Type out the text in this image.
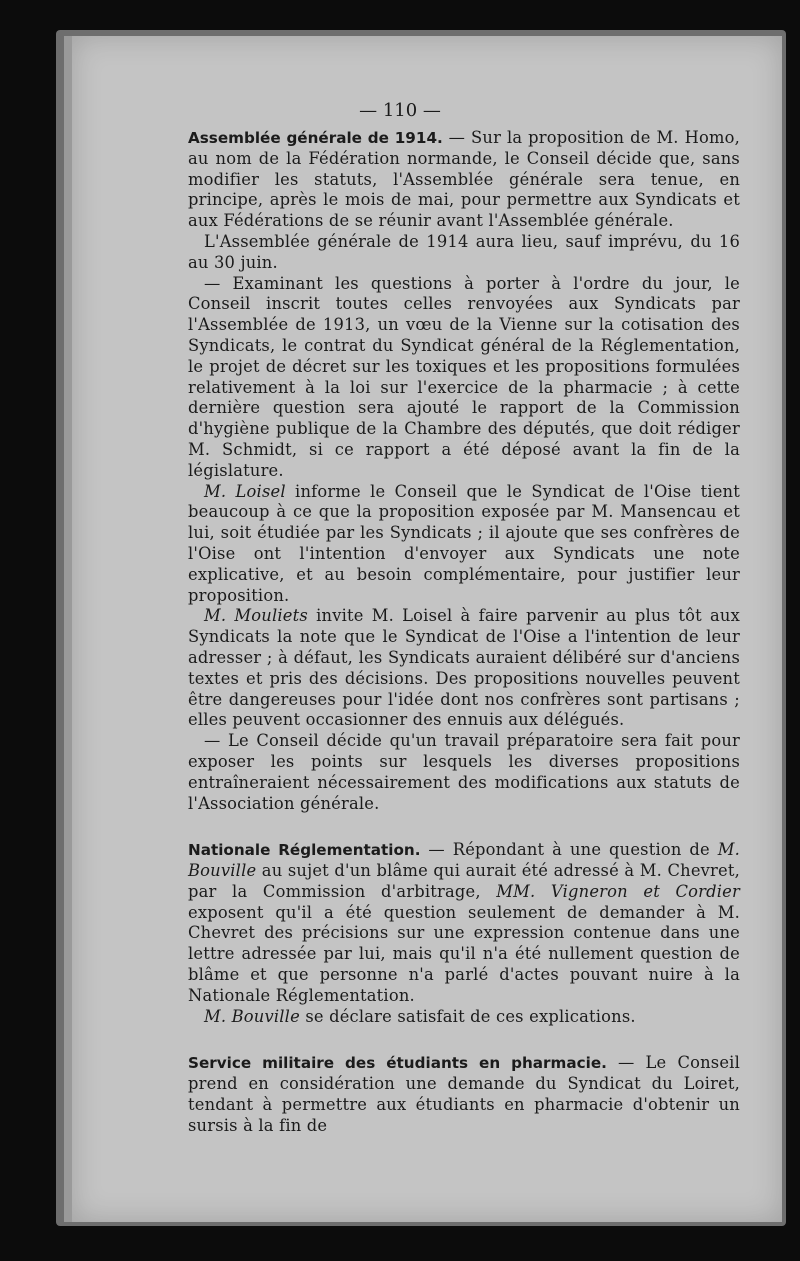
— 110 —

Assemblée générale de 1914. — Sur la proposition de M. Homo, au nom de la Fédération normande, le Conseil décide que, sans modifier les statuts, l'Assemblée générale sera tenue, en principe, après le mois de mai, pour permettre aux Syndicats et aux Fédérations de se réunir avant l'Assemblée générale.

L'Assemblée générale de 1914 aura lieu, sauf imprévu, du 16 au 30 juin.

— Examinant les questions à porter à l'ordre du jour, le Conseil inscrit toutes celles renvoyées aux Syndicats par l'Assemblée de 1913, un vœu de la Vienne sur la cotisation des Syndicats, le contrat du Syndicat général de la Réglementation, le projet de décret sur les toxiques et les propositions formulées relativement à la loi sur l'exercice de la pharmacie ; à cette dernière question sera ajouté le rapport de la Commission d'hygiène publique de la Chambre des députés, que doit rédiger M. Schmidt, si ce rapport a été déposé avant la fin de la législature.

M. Loisel informe le Conseil que le Syndicat de l'Oise tient beaucoup à ce que la proposition exposée par M. Mansencau et lui, soit étudiée par les Syndicats ; il ajoute que ses confrères de l'Oise ont l'intention d'envoyer aux Syndicats une note explicative, et au besoin complémentaire, pour justifier leur proposition.

M. Mouliets invite M. Loisel à faire parvenir au plus tôt aux Syndicats la note que le Syndicat de l'Oise a l'intention de leur adresser ; à défaut, les Syndicats auraient délibéré sur d'anciens textes et pris des décisions. Des propositions nouvelles peuvent être dangereuses pour l'idée dont nos confrères sont partisans ; elles peuvent occasionner des ennuis aux délégués.

— Le Conseil décide qu'un travail préparatoire sera fait pour exposer les points sur lesquels les diverses propositions entraîneraient nécessairement des modifications aux statuts de l'Association générale.

Nationale Réglementation. — Répondant à une question de M. Bouville au sujet d'un blâme qui aurait été adressé à M. Chevret, par la Commission d'arbitrage, MM. Vigneron et Cordier exposent qu'il a été question seulement de demander à M. Chevret des précisions sur une expression contenue dans une lettre adressée par lui, mais qu'il n'a été nullement question de blâme et que personne n'a parlé d'actes pouvant nuire à la Nationale Réglementation.

M. Bouville se déclare satisfait de ces explications.

Service militaire des étudiants en pharmacie. — Le Conseil prend en considération une demande du Syndicat du Loiret, tendant à permettre aux étudiants en pharmacie d'obtenir un sursis à la fin de
